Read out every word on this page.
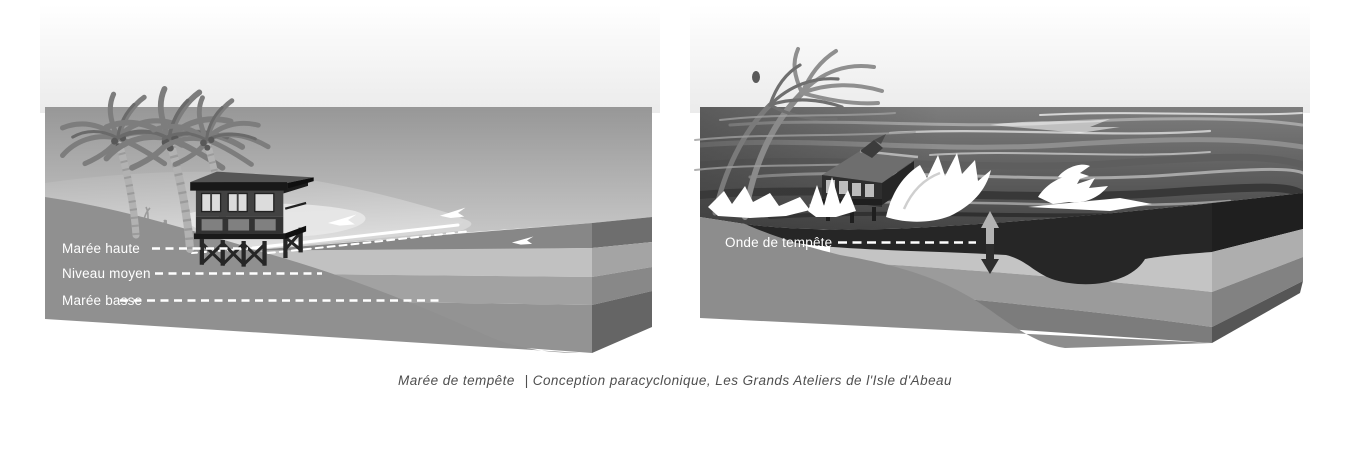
Marée haute
Niveau moyen
Marée basse
Onde de tempête
Marée de tempête | Conception paracyclonique, Les Grands Ateliers de l'Isle d'Abeau
